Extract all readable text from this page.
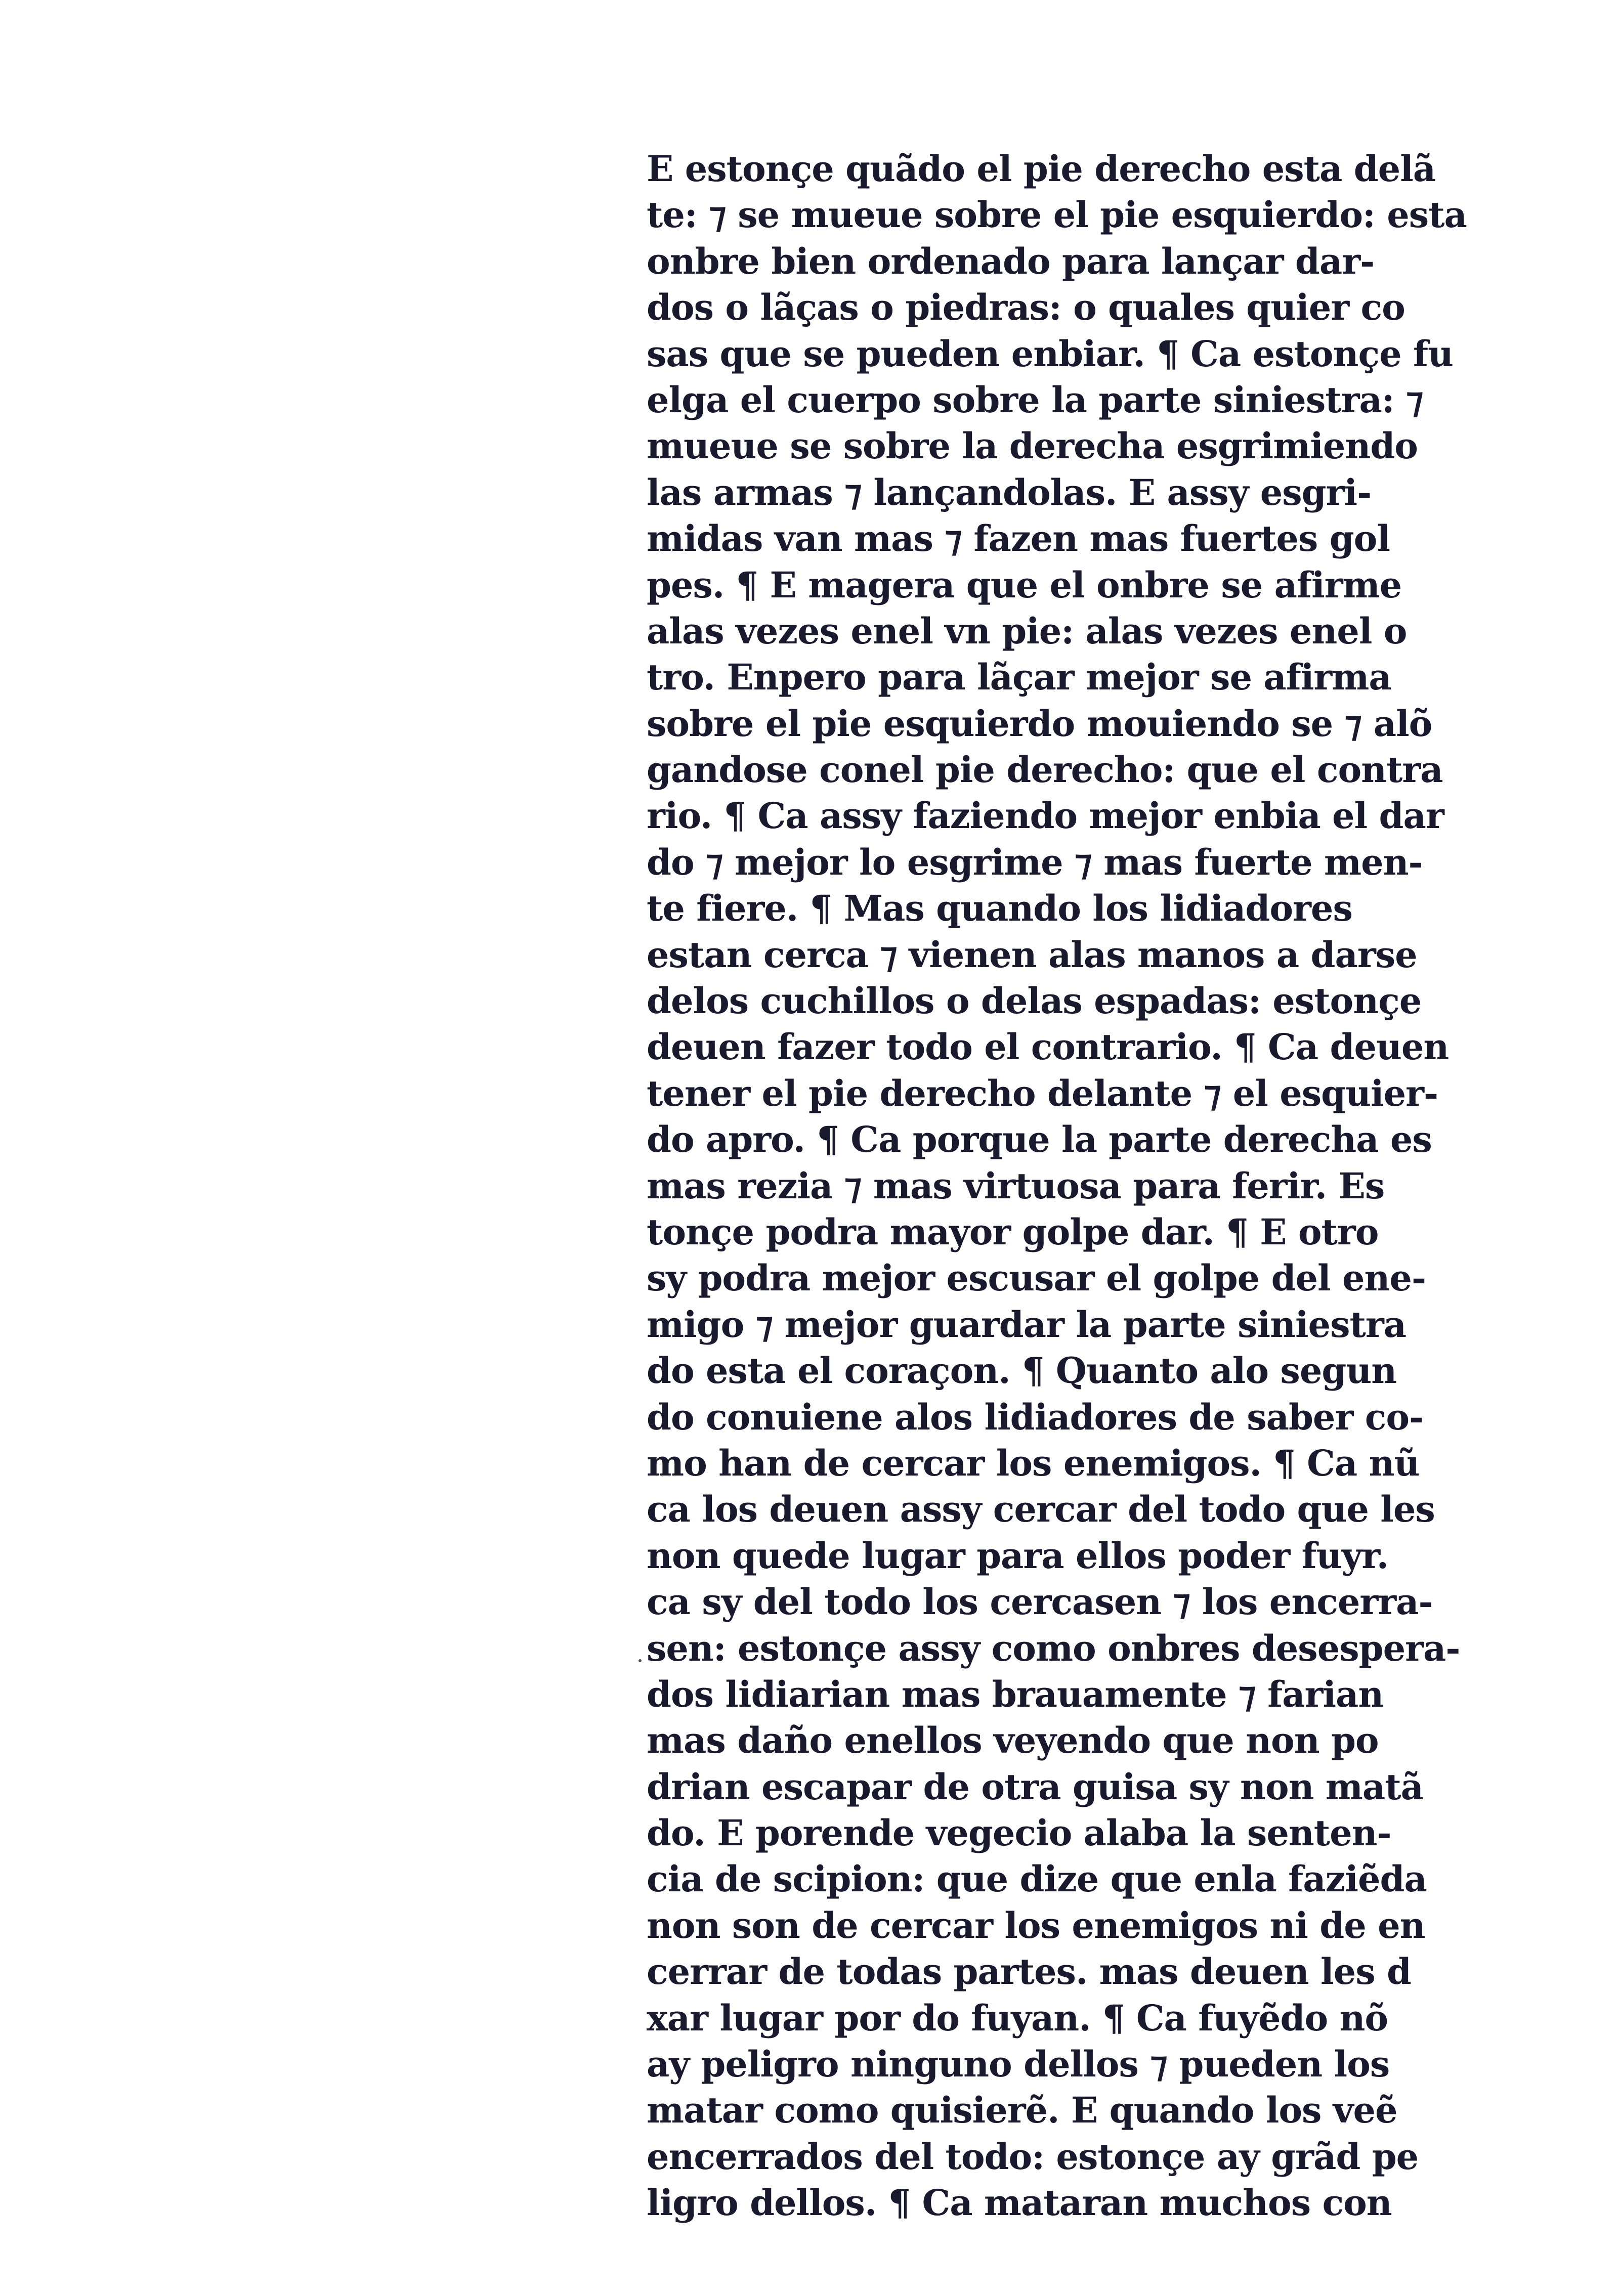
E estonçe quãdo el pie derecho esta delã
te: ⁊ se mueue sobre el pie esquierdo: esta
onbre bien ordenado para lançar dar-
dos o lãças o piedras: o quales quier co
sas que se pueden enbiar. ¶ Ca estonçe fu
elga el cuerpo sobre la parte siniestra: ⁊
mueue se sobre la derecha esgrimiendo
las armas ⁊ lançandolas. E assy esgri-
midas van mas ⁊ fazen mas fuertes gol
pes. ¶ E magera que el onbre se afirme
alas vezes enel vn pie: alas vezes enel o
tro. Enpero para lãçar mejor se afirma
sobre el pie esquierdo mouiendo se ⁊ alõ
gandose conel pie derecho: que el contra
rio. ¶ Ca assy faziendo mejor enbia el dar
do ⁊ mejor lo esgrime ⁊ mas fuerte men-
te fiere. ¶ Mas quando los lidiadores
estan cerca ⁊ vienen alas manos a darse
delos cuchillos o delas espadas: estonçe
deuen fazer todo el contrario. ¶ Ca deuen
tener el pie derecho delante ⁊ el esquier-
do apro. ¶ Ca porque la parte derecha es
mas rezia ⁊ mas virtuosa para ferir. Es
tonçe podra mayor golpe dar. ¶ E otro
sy podra mejor escusar el golpe del ene-
migo ⁊ mejor guardar la parte siniestra
do esta el coraçon. ¶ Quanto alo segun
do conuiene alos lidiadores de saber co-
mo han de cercar los enemigos. ¶ Ca nũ
ca los deuen assy cercar del todo que les
non quede lugar para ellos poder fuyr.
ca sy del todo los cercasen ⁊ los encerra-
sen: estonçe assy como onbres desespera-
dos lidiarian mas brauamente ⁊ farian
mas daño enellos veyendo que non po
drian escapar de otra guisa sy non matã
do. E porende vegecio alaba la senten-
cia de scipion: que dize que enla faziẽda
non son de cercar los enemigos ni de en
cerrar de todas partes. mas deuen les d
xar lugar por do fuyan. ¶ Ca fuyẽdo nõ
ay peligro ninguno dellos ⁊ pueden los
matar como quisierẽ. E quando los veẽ
encerrados del todo: estonçe ay grãd pe
ligro dellos. ¶ Ca mataran muchos con
